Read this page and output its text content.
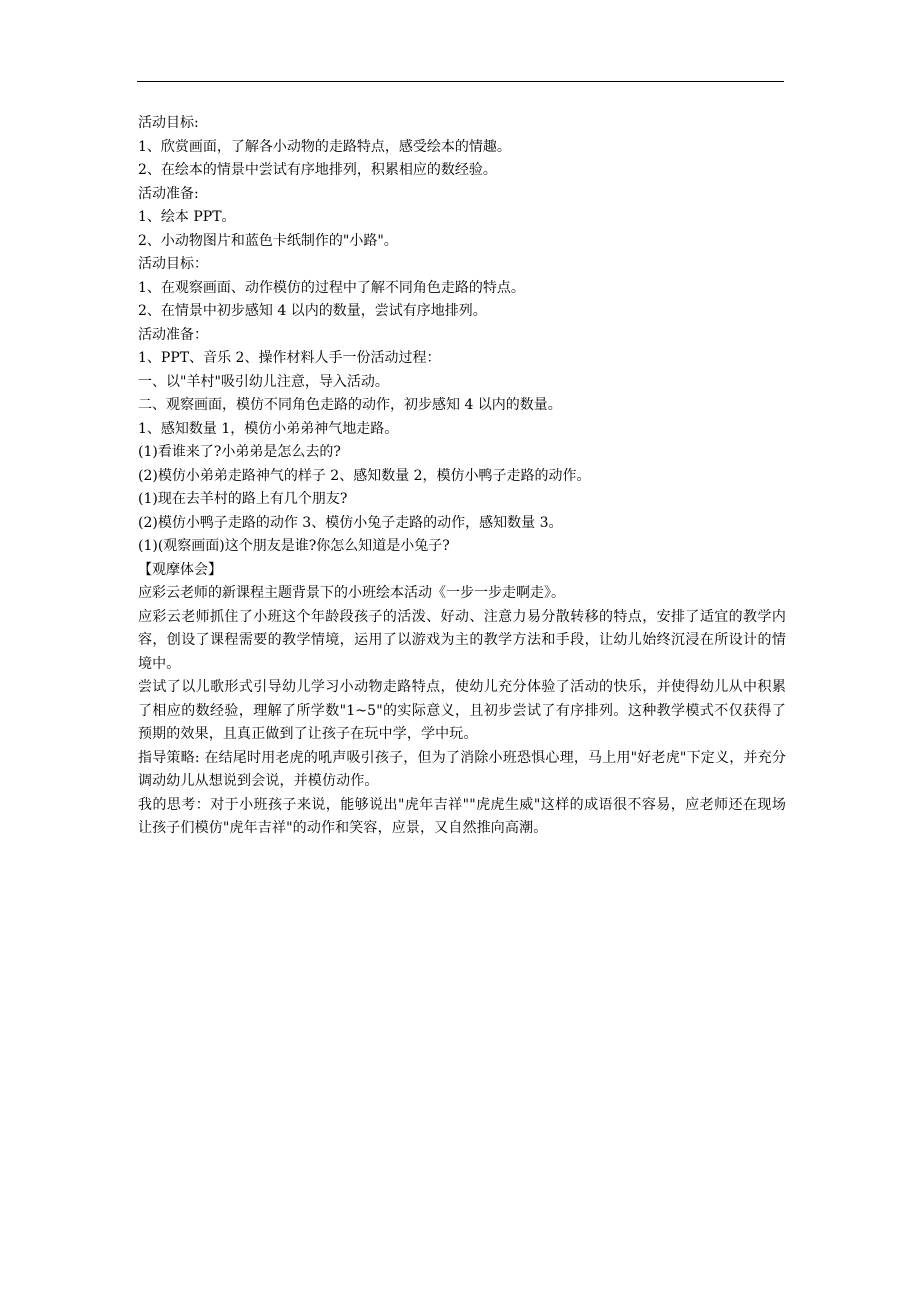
活动目标:

1、欣赏画面，了解各小动物的走路特点，感受绘本的情趣。

2、在绘本的情景中尝试有序地排列，积累相应的数经验。

活动准备:

1、绘本 PPT。

2、小动物图片和蓝色卡纸制作的"小路"。

活动目标：

1、在观察画面、动作模仿的过程中了解不同角色走路的特点。

2、在情景中初步感知 4 以内的数量，尝试有序地排列。

活动准备：

1、PPT、音乐 2、操作材料人手一份活动过程：

一、以"羊村"吸引幼儿注意，导入活动。

二、观察画面，模仿不同角色走路的动作，初步感知 4 以内的数量。

1、感知数量 1，模仿小弟弟神气地走路。

(1)看谁来了?小弟弟是怎么去的?

(2)模仿小弟弟走路神气的样子 2、感知数量 2，模仿小鸭子走路的动作。

(1)现在去羊村的路上有几个朋友?

(2)模仿小鸭子走路的动作 3、模仿小兔子走路的动作，感知数量 3。

(1)(观察画面)这个朋友是谁?你怎么知道是小兔子?

【观摩体会】

应彩云老师的新课程主题背景下的小班绘本活动《一步一步走啊走》。

应彩云老师抓住了小班这个年龄段孩子的活泼、好动、注意力易分散转移的特点，安排了适宜的教学内容，创设了课程需要的教学情境，运用了以游戏为主的教学方法和手段，让幼儿始终沉浸在所设计的情境中。

尝试了以儿歌形式引导幼儿学习小动物走路特点，使幼儿充分体验了活动的快乐，并使得幼儿从中积累了相应的数经验，理解了所学数"1~5"的实际意义，且初步尝试了有序排列。这种教学模式不仅获得了预期的效果，且真正做到了让孩子在玩中学，学中玩。

指导策略: 在结尾时用老虎的吼声吸引孩子，但为了消除小班恐惧心理，马上用"好老虎"下定义，并充分调动幼儿从想说到会说，并模仿动作。

我的思考：对于小班孩子来说，能够说出"虎年吉祥""虎虎生威"这样的成语很不容易，应老师还在现场让孩子们模仿"虎年吉祥"的动作和笑容，应景，又自然推向高潮。
